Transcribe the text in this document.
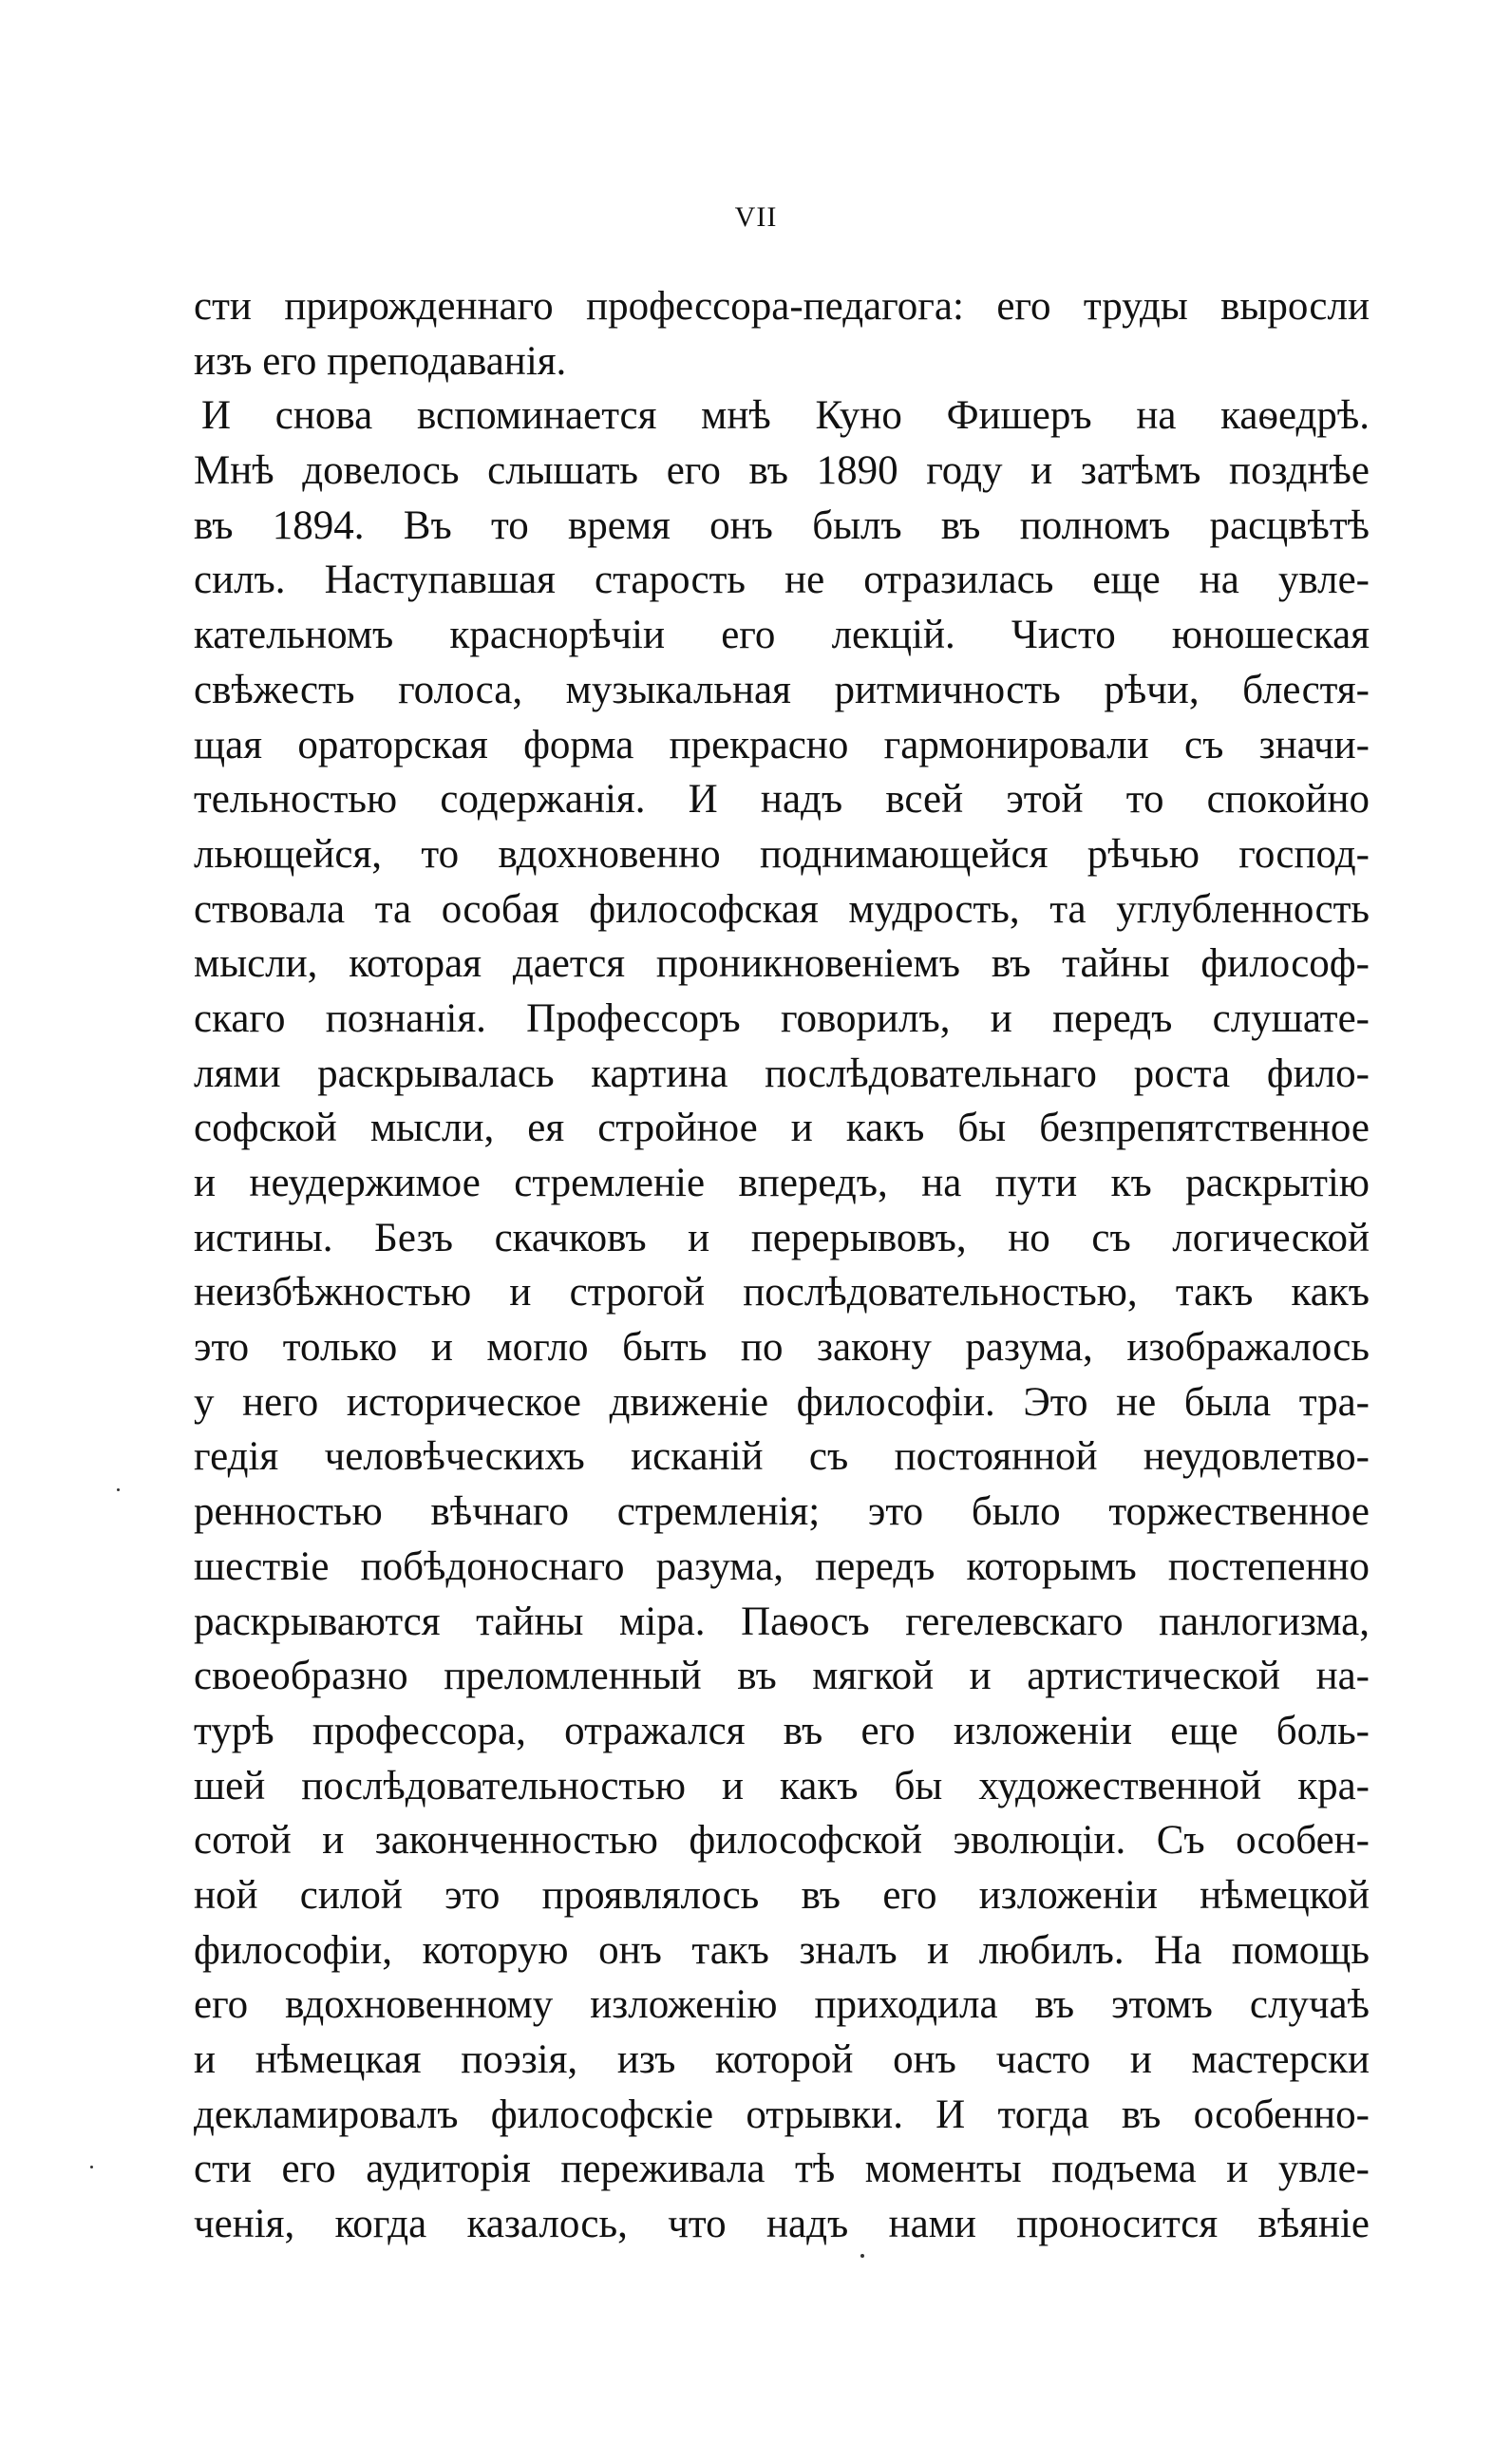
VII
сти прирожденнаго профессора-педагога: его труды выросли
изъ его преподаванія.
И снова вспоминается мнѣ Куно Фишеръ на каѳедрѣ.
Мнѣ довелось слышать его въ 1890 году и затѣмъ позднѣе
въ 1894. Въ то время онъ былъ въ полномъ расцвѣтѣ
силъ. Наступавшая старость не отразилась еще на увле-
кательномъ краснорѣчіи его лекцій. Чисто юношеская
свѣжесть голоса, музыкальная ритмичность рѣчи, блестя-
щая ораторская форма прекрасно гармонировали съ значи-
тельностью содержанія. И надъ всей этой то спокойно
льющейся, то вдохновенно поднимающейся рѣчью господ-
ствовала та особая философская мудрость, та углубленность
мысли, которая дается проникновеніемъ въ тайны философ-
скаго познанія. Профессоръ говорилъ, и передъ слушате-
лями раскрывалась картина послѣдовательнаго роста фило-
софской мысли, ея стройное и какъ бы безпрепятственное
и неудержимое стремленіе впередъ, на пути къ раскрытію
истины. Безъ скачковъ и перерывовъ, но съ логической
неизбѣжностью и строгой послѣдовательностью, такъ какъ
это только и могло быть по закону разума, изображалось
у него историческое движеніе философіи. Это не была тра-
гедія человѣческихъ исканій съ постоянной неудовлетво-
ренностью вѣчнаго стремленія; это было торжественное
шествіе побѣдоноснаго разума, передъ которымъ постепенно
раскрываются тайны міра. Паѳосъ гегелевскаго панлогизма,
своеобразно преломленный въ мягкой и артистической на-
турѣ профессора, отражался въ его изложеніи еще боль-
шей послѣдовательностью и какъ бы художественной кра-
сотой и законченностью философской эволюціи. Съ особен-
ной силой это проявлялось въ его изложеніи нѣмецкой
философіи, которую онъ такъ зналъ и любилъ. На помощь
его вдохновенному изложенію приходила въ этомъ случаѣ
и нѣмецкая поэзія, изъ которой онъ часто и мастерски
декламировалъ философскіе отрывки. И тогда въ особенно-
сти его аудиторія переживала тѣ моменты подъема и увле-
ченія, когда казалось, что надъ нами проносится вѣяніе
